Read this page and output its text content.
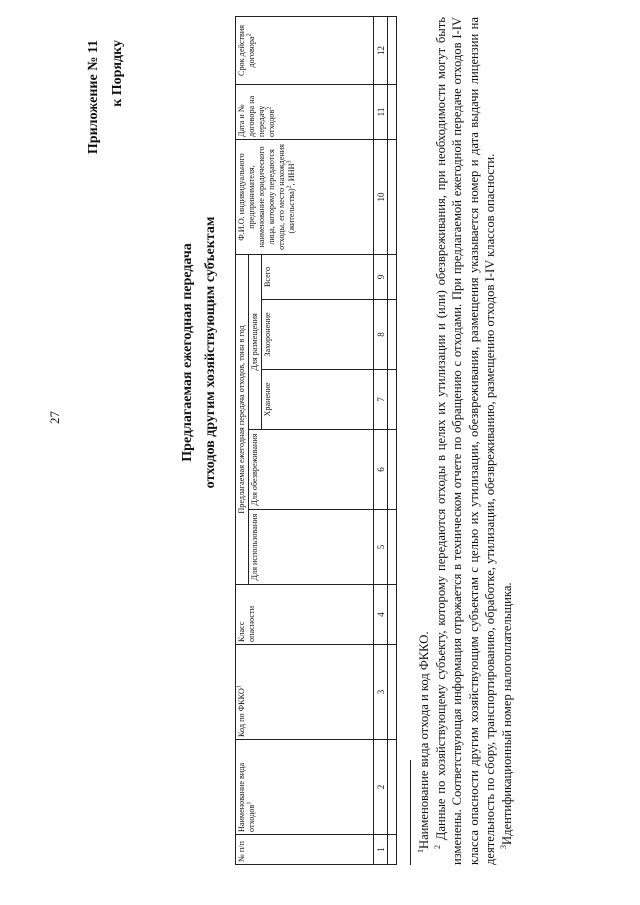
27
Приложение № 11 к Порядку
Предлагаемая ежегодная передача отходов другим хозяйствующим субъектам
№ п/п	Наименование вида отходов$^1$	Код по ФККО$^1$	Класс опасности	Предлагаемая ежегодная передача отходов, тонн в год					Ф.И.О. индивидуального предпринимателя, наименование юридического лица, которому передаются отходы, его место нахождения (жительства)$^2$, ИНН$^3$	Дата и № договора на передачу отходов$^2$	Срок действия договора$^2$
				Для использования	Для обезвреживания	Для размещения					
						Хранение	Захоронение	Всего			
1	2	3	4	5	6	7	8	9	10	11	12

$^1$Наименование вида отхода и код ФККО. $^2$ Данные по хозяйствующему субъекту, которому передаются отходы в целях их утилизации и (или) обезвреживания, при необходимости могут быть изменены. Соответствующая информация отражается в техническом отчете по обращению с отходами. При предлагаемой ежегодной передаче отходов I-IV класса опасности другим хозяйствующим субъектам с целью их утилизации, обезвреживания, размещения указывается номер и дата выдачи лицензии на деятельность по сбору, транспортированию, обработке, утилизации, обезвреживанию, размещению отходов I-IV классов опасности. $^3$Идентификационный номер налогоплательщика.
